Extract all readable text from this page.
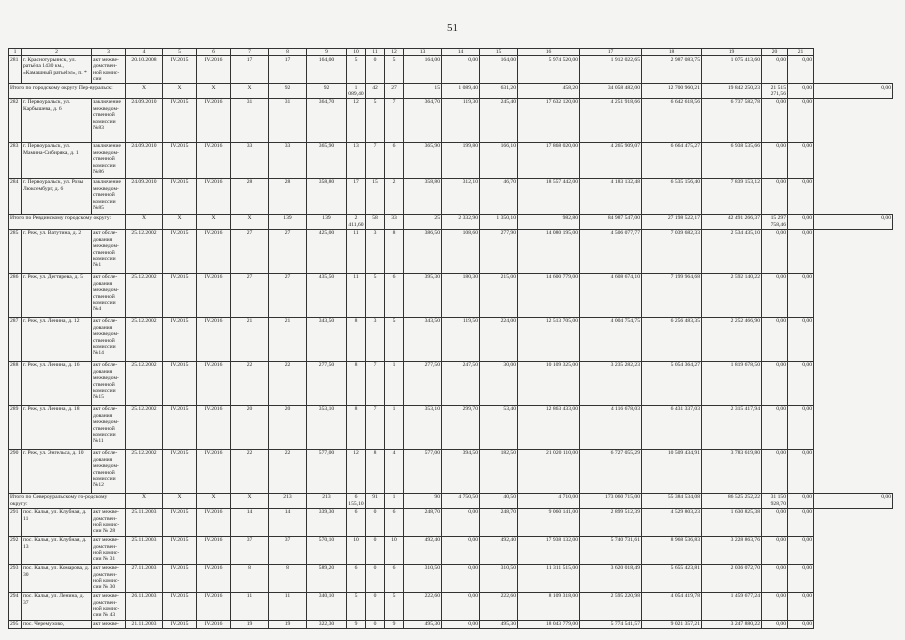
51
1	2	3	4	5	6	7	8	9	10	11	12	13	14	15	16	17	18	19	20	21	
281	г. Краснотурьинск, ул. ратьёла 1430 км., «Камашный ратьеlэл», п. *	акт межве-домствен-ной комис-сии	20.10.2008	IV.2015	IV.2016	17	17	164,00	5	0	5	164,00	0,00	164,00	5 974 520,00	1 912 022,65	2 987 083,75	1 075 413,60	0,00	0,00	
Итого по городскому округу Пер-вуральск:			X	X	X	X	92	92	1 089,40	42	27	15	1 089,40	631,20	458,20	34 058 482,00	12 700 960,21	19 842 250,23	21 515 271,56	0,00	0,00
282	г. Первоуральск, ул. Карбышева, д. 6	заключение межведом-ственной комиссии №83	24.09.2010	IV.2015	IV.2016	31	31	364,70	12	5	7	364,70	119,30	245,40	17 632 120,00	4 251 918,66	6 642 618,56	6 737 582,78	0,00	0,00	
283	г. Первоуральск, ул. Мамина-Сибиряка, д. 1	заключение межведом-ственной комиссии №86	24.09.2010	IV.2015	IV.2016	33	33	365,90	13	7	6	365,90	199,80	166,10	17 868 020,00	4 265 909,07	6 664 475,27	6 938 535,66	0,00	0,00	
284	г. Первоуральск, ул. Розы Люксембург, д. 6	заключение межведом-ственной комиссии №85	24.09.2010	IV.2015	IV.2016	28	28	358,80	17	15	2	358,80	312,10	46,70	18 557 442,00	4 183 132,48	6 535 156,40	7 839 153,12	0,00	0,00	
Итого по Ревдинскому городскому округу:			X	X	X	X	139	139	2 411,60	58	33	25	2 332,90	1 350,10	982,80	84 987 547,00	27 198 522,17	42 491 266,37	15 297 758,46	0,00	0,00
285	г. Реж, ул. Ватутина, д. 2	акт обсле-дования межведом-ственной комиссии №1	25.12.2002	IV.2015	IV.2016	27	27	425,00	11	3	8	386,50	108,60	277,90	14 080 195,00	4 506 077,77	7 039 682,33	2 534 435,10	0,00	0,00	
286	г. Реж, ул. Дегтярева, д. 5	акт обсле-дования межведом-ственной комиссии №4	25.12.2002	IV.2015	IV.2016	27	27	435,50	11	5	6	395,30	180,30	215,00	14 600 779,00	4 608 674,10	7 199 964,68	2 592 140,22	0,00	0,00	
287	г. Реж, ул. Ленина, д. 12	акт обсле-дования межведом-ственной комиссии №14	25.12.2002	IV.2015	IV.2016	21	21	343,50	8	3	5	343,50	119,50	224,00	12 513 705,00	4 004 754,75	6 256 483,35	2 252 466,90	0,00	0,00	
288	г. Реж, ул. Ленина, д. 16	акт обсле-дования межведом-ственной комиссии №15	25.12.2002	IV.2015	IV.2016	22	22	277,50	8	7	1	277,50	247,50	30,00	10 109 325,00	3 235 282,23	5 054 364,27	1 819 678,50	0,00	0,00	
289	г. Реж, ул. Ленина, д. 18	акт обсле-дования межведом-ственной комиссии №11	25.12.2002	IV.2015	IV.2016	20	20	353,10	8	7	1	353,10	299,70	53,40	12 863 433,00	4 116 678,03	6 431 337,03	2 315 417,94	0,00	0,00	
290	г. Реж, ул. Энгельса, д. 10	акт обсле-дования межведом-ственной комиссии №12	25.12.2002	IV.2015	IV.2016	22	22	577,00	12	8	4	577,00	394,50	182,50	21 020 110,00	6 727 055,29	10 509 434,91	3 783 619,80	0,00	0,00	
Итого по Североуральскому го-родскому округу:			X	X	X	X	213	213	6 155,10	91	1	90	4 750,50	40,50	4 710,00	173 060 715,00	55 384 534,08	86 525 252,22	31 150 928,70	0,00	0,00
291	пос. Калья, ул. Клубная, д. 11	акт межве-домствен-ной комис-сии № 28	25.11.2003	IV.2015	IV.2016	14	14	339,30	6	0	6	248,70	0,00	248,70	9 060 141,00	2 899 512,39	4 529 803,23	1 630 825,38	0,00	0,00	
292	пос. Калья, ул. Клубная, д. 13	акт межве-домствен-ной комис-сии № 31	25.11.2003	IV.2015	IV.2016	37	37	570,10	10	0	10	492,40	0,00	492,40	17 938 132,00	5 740 731,61	8 968 536,83	3 228 863,76	0,00	0,00	
293	пос. Калья, ул. Комарова, д. 30	акт межве-домствен-ной комис-сии № 30	27.11.2003	IV.2015	IV.2016	8	8	589,20	6	0	6	310,50	0,00	310,50	11 311 515,00	3 620 018,49	5 655 423,81	2 036 072,70	0,00	0,00	
294	пос. Калья, ул. Ленина, д. 37	акт межве-домствен-ной комис-сии № 43	26.11.2003	IV.2015	IV.2016	11	11	340,10	5	0	5	222,60	0,00	222,60	8 109 318,00	2 595 220,98	4 054 419,78	1 459 677,24	0,00	0,00	
295	пос. Черемухово,	акт межве-	21.11.2003	IV.2015	IV.2016	19	19	322,30	9	0	9	495,30	0,00	495,30	18 043 779,00	5 774 541,57	9 021 357,21	3 247 880,22	0,00	0,00	
